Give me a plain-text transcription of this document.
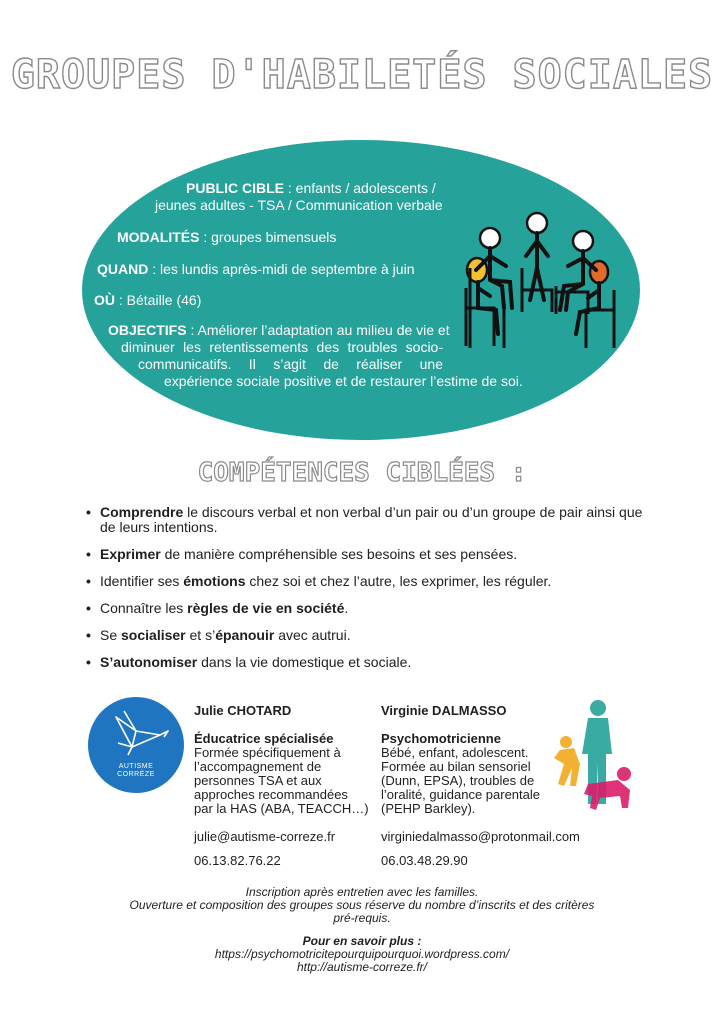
GROUPES D'HABILETÉS SOCIALES
PUBLIC CIBLE : enfants / adolescents /
jeunes adultes - TSA / Communication verbale
MODALITÉS : groupes bimensuels
QUAND : les lundis après-midi de septembre à juin
OÙ : Bétaille (46)
OBJECTIFS : Améliorer l’adaptation au milieu de vie et
diminuer les retentissements des troubles socio-
communicatifs. Il s’agit de réaliser une
expérience sociale positive et de restaurer l’estime de soi.
COMPÉTENCES CIBLÉES :
• Comprendre le discours verbal et non verbal d’un pair ou d’un groupe de pair ainsi que de leurs intentions.
• Exprimer de manière compréhensible ses besoins et ses pensées.
• Identifier ses émotions chez soi et chez l’autre, les exprimer, les réguler.
• Connaître les règles de vie en société.
• Se socialiser et s’épanouir avec autrui.
• S’autonomiser dans la vie domestique et sociale.
AUTISME
CORRÈZE
Julie CHOTARD
Éducatrice spécialisée
Formée spécifiquement à
l’accompagnement de
personnes TSA et aux
approches recommandées
par la HAS (ABA, TEACCH…)
julie@autisme-correze.fr
06.13.82.76.22
Virginie DALMASSO
Psychomotricienne
Bébé, enfant, adolescent.
Formée au bilan sensoriel
(Dunn, EPSA), troubles de
l’oralité, guidance parentale
(PEHP Barkley).
virginiedalmasso@protonmail.com
06.03.48.29.90
Inscription après entretien avec les familles.
Ouverture et composition des groupes sous réserve du nombre d’inscrits et des critères
pré-requis.
Pour en savoir plus :
https://psychomotricitepourquipourquoi.wordpress.com/
http://autisme-correze.fr/
